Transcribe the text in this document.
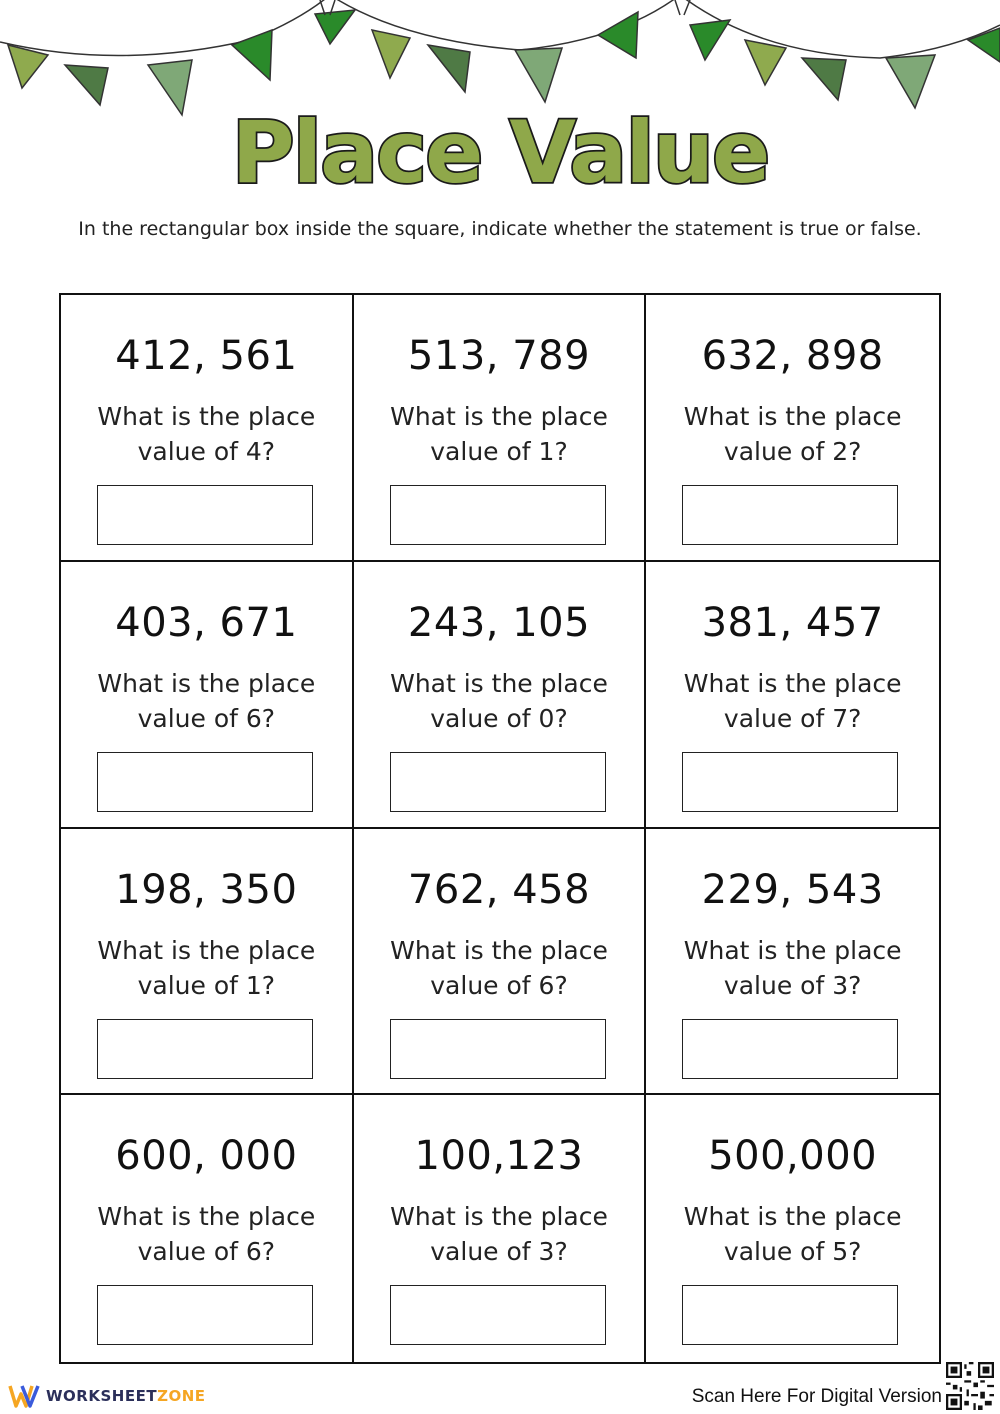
Place Value
In the rectangular box inside the square, indicate whether the statement is true or false.
412, 561
What is the place
value of 4?
513, 789
What is the place
value of 1?
632, 898
What is the place
value of 2?
403, 671
What is the place
value of 6?
243, 105
What is the place
value of 0?
381, 457
What is the place
value of 7?
198, 350
What is the place
value of 1?
762, 458
What is the place
value of 6?
229, 543
What is the place
value of 3?
600, 000
What is the place
value of 6?
100,123
What is the place
value of 3?
500,000
What is the place
value of 5?
WORKSHEETZONE	Scan Here For Digital Version
